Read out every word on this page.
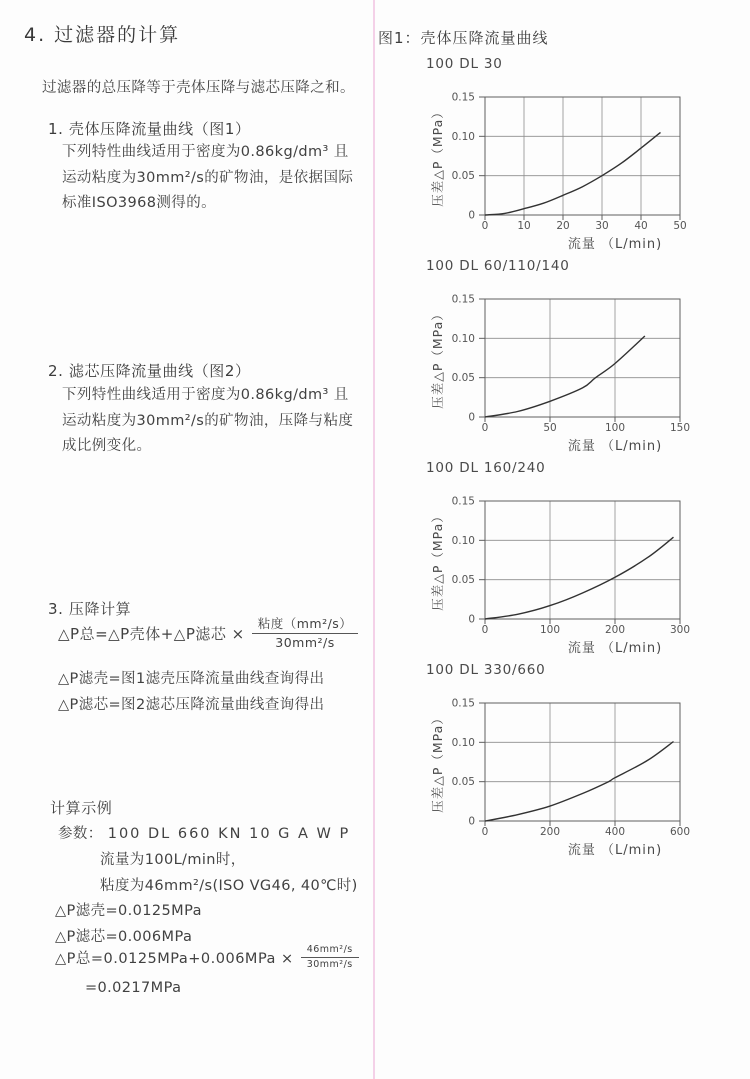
4. 过滤器的计算

过滤器的总压降等于壳体压降与滤芯压降之和。

1. 壳体压降流量曲线（图1）
下列特性曲线适用于密度为0.86kg/dm³ 且
运动粘度为30mm²/s的矿物油，是依据国际
标准ISO3968测得的。
2. 滤芯压降流量曲线（图2）
下列特性曲线适用于密度为0.86kg/dm³ 且
运动粘度为30mm²/s的矿物油，压降与粘度
成比例变化。
3. 压降计算
△P总=△P壳体+△P滤芯 × $\frac{\text{粘度（mm²/s）}}{\text{30mm²/s}}$
△P滤壳=图1滤壳压降流量曲线查询得出
△P滤芯=图2滤芯压降流量曲线查询得出
计算示例
参数： 100 DL 660 KN 10 G A W P
流量为100L/min时，
粘度为46mm²/s(ISO VG46, 40℃时)
△P滤壳=0.0125MPa
△P滤芯=0.006MPa
△P总$=0.0125MPa+0.006MPa \times \frac{\text{46mm²/s}}{\text{30mm²/s}}$
=0.0217MPa
图1：壳体压降流量曲线
100 DL 30
0	10 20 30 40 50
0
0.05
0.10
0.15
压差△P（MPa）
流量 （L/min)
100 DL 60/110/140
0	50	100	150
0
0.05
0.10
0.15
压差△P（MPa）
流量 （L/min)
100 DL 160/240
0	100	200	300
0
0.05
0.10
0.15
压差△P（MPa）
流量 （L/min)
100 DL 330/660
0	200	400	600
0
0.05
0.10
0.15
压差△P（MPa）
流量 （L/min)
